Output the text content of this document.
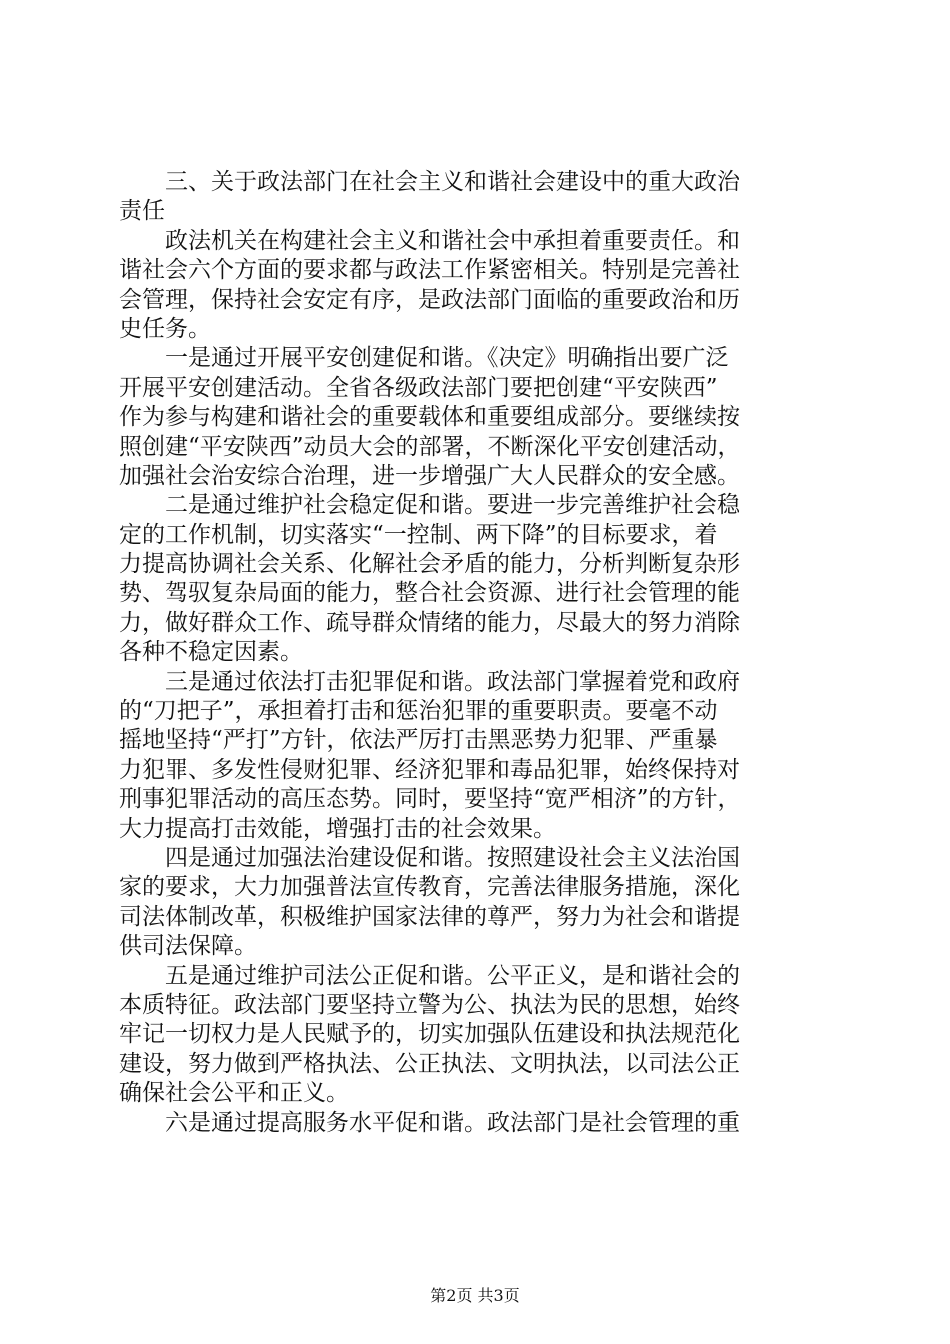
三、关于政法部门在社会主义和谐社会建设中的重大政治
责任
政法机关在构建社会主义和谐社会中承担着重要责任。和
谐社会六个方面的要求都与政法工作紧密相关。特别是完善社
会管理，保持社会安定有序，是政法部门面临的重要政治和历
史任务。
一是通过开展平安创建促和谐。《决定》明确指出要广泛
开展平安创建活动。全省各级政法部门要把创建“平安陕西”
作为参与构建和谐社会的重要载体和重要组成部分。要继续按
照创建“平安陕西”动员大会的部署，不断深化平安创建活动，
加强社会治安综合治理，进一步增强广大人民群众的安全感。
二是通过维护社会稳定促和谐。要进一步完善维护社会稳
定的工作机制，切实落实“一控制、两下降”的目标要求，着
力提高协调社会关系、化解社会矛盾的能力，分析判断复杂形
势、驾驭复杂局面的能力，整合社会资源、进行社会管理的能
力，做好群众工作、疏导群众情绪的能力，尽最大的努力消除
各种不稳定因素。
三是通过依法打击犯罪促和谐。政法部门掌握着党和政府
的“刀把子”，承担着打击和惩治犯罪的重要职责。要毫不动
摇地坚持“严打”方针，依法严厉打击黑恶势力犯罪、严重暴
力犯罪、多发性侵财犯罪、经济犯罪和毒品犯罪，始终保持对
刑事犯罪活动的高压态势。同时，要坚持“宽严相济”的方针，
大力提高打击效能，增强打击的社会效果。
四是通过加强法治建设促和谐。按照建设社会主义法治国
家的要求，大力加强普法宣传教育，完善法律服务措施，深化
司法体制改革，积极维护国家法律的尊严，努力为社会和谐提
供司法保障。
五是通过维护司法公正促和谐。公平正义，是和谐社会的
本质特征。政法部门要坚持立警为公、执法为民的思想，始终
牢记一切权力是人民赋予的，切实加强队伍建设和执法规范化
建设，努力做到严格执法、公正执法、文明执法，以司法公正
确保社会公平和正义。
六是通过提高服务水平促和谐。政法部门是社会管理的重
第2页 共3页
